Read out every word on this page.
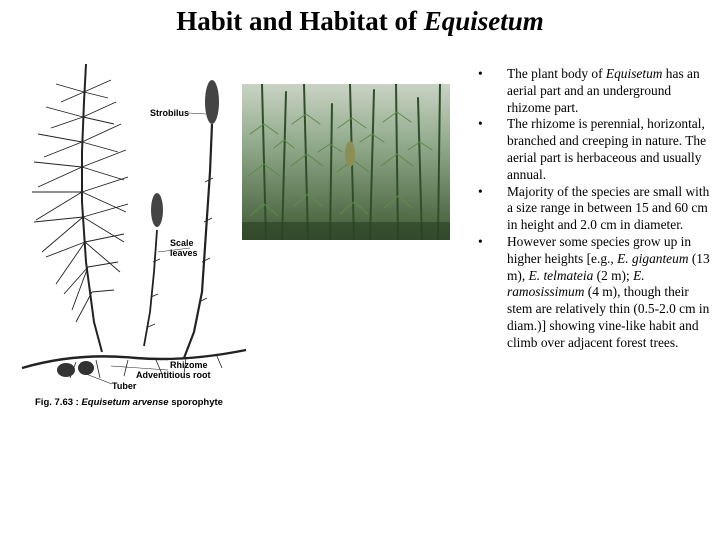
Habit and Habitat of Equisetum
Strobilus
Scale
leaves
Rhizome
Adventitious root
Tuber
Fig. 7.63 : Equisetum arvense sporophyte
•	The plant body of Equisetum has an aerial part and an underground rhizome part.
•	The rhizome is perennial, horizontal, branched and creeping in nature. The aerial part is herbaceous and usually annual.
•	Majority of the species are small with a size range in between 15 and 60 cm in height and 2.0 cm in diameter.
•	However some species grow up in higher heights [e.g., E. giganteum (13 m), E. telmateia (2 m); E. ramosissimum (4 m), though their stem are relatively thin (0.5-2.0 cm in diam.)] showing vine-like habit and climb over adjacent forest trees.
